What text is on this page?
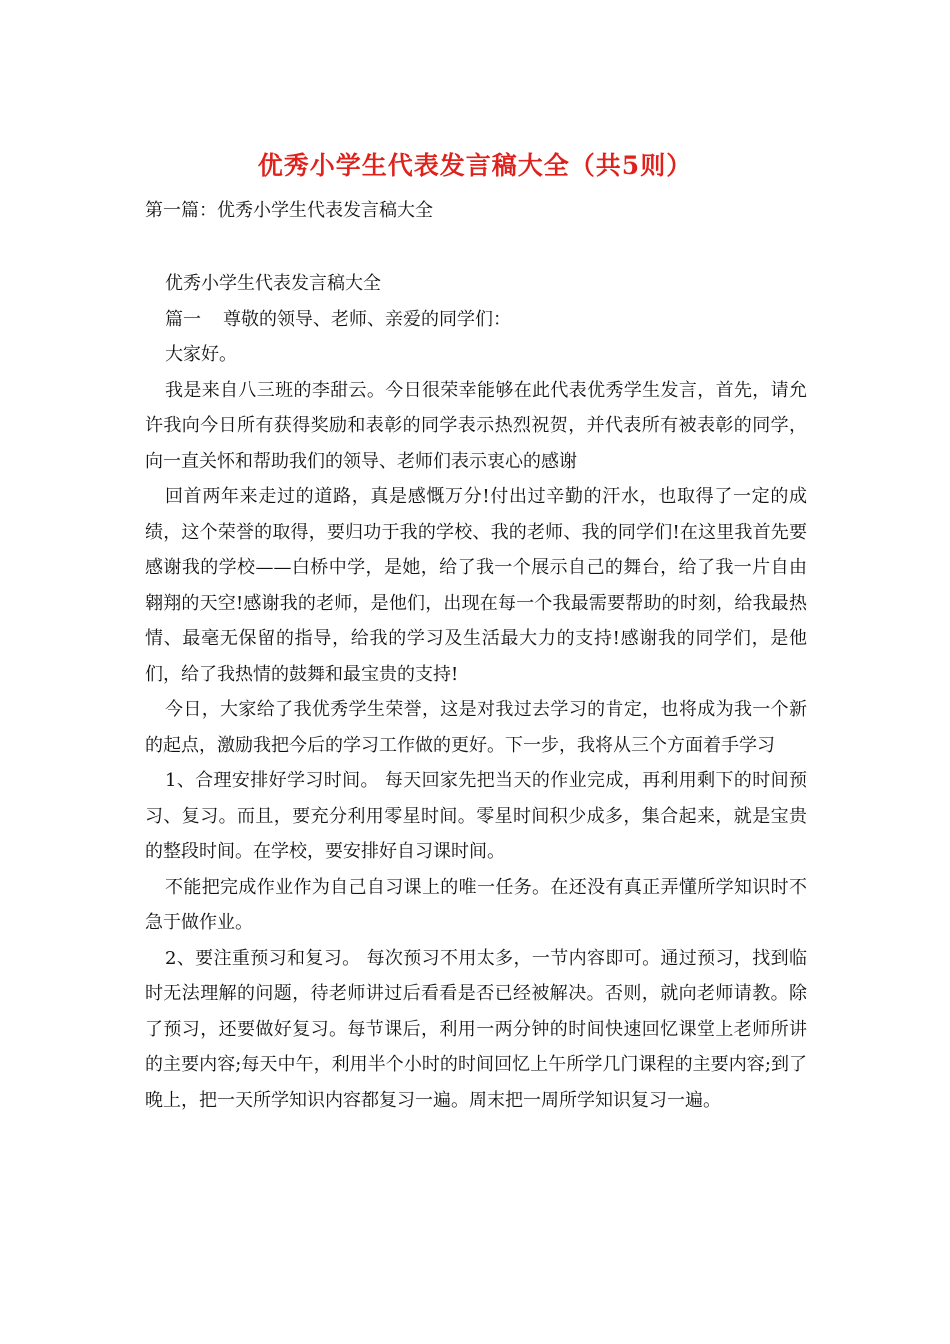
优秀小学生代表发言稿大全（共5则）

第一篇：优秀小学生代表发言稿大全

优秀小学生代表发言稿大全

篇一 尊敬的领导、老师、亲爱的同学们：

大家好。

我是来自八三班的李甜云。今日很荣幸能够在此代表优秀学生发言，首先，请允许我向今日所有获得奖励和表彰的同学表示热烈祝贺，并代表所有被表彰的同学，向一直关怀和帮助我们的领导、老师们表示衷心的感谢

回首两年来走过的道路，真是感慨万分!付出过辛勤的汗水，也取得了一定的成绩，这个荣誉的取得，要归功于我的学校、我的老师、我的同学们!在这里我首先要感谢我的学校——白桥中学，是她，给了我一个展示自己的舞台，给了我一片自由翱翔的天空!感谢我的老师，是他们，出现在每一个我最需要帮助的时刻，给我最热情、最毫无保留的指导，给我的学习及生活最大力的支持!感谢我的同学们，是他们，给了我热情的鼓舞和最宝贵的支持!

今日，大家给了我优秀学生荣誉，这是对我过去学习的肯定，也将成为我一个新的起点，激励我把今后的学习工作做的更好。下一步，我将从三个方面着手学习

1、合理安排好学习时间。 每天回家先把当天的作业完成，再利用剩下的时间预习、复习。而且，要充分利用零星时间。零星时间积少成多，集合起来，就是宝贵的整段时间。在学校，要安排好自习课时间。

不能把完成作业作为自己自习课上的唯一任务。在还没有真正弄懂所学知识时不急于做作业。

2、要注重预习和复习。 每次预习不用太多，一节内容即可。通过预习，找到临时无法理解的问题，待老师讲过后看看是否已经被解决。否则，就向老师请教。除了预习，还要做好复习。每节课后，利用一两分钟的时间快速回忆课堂上老师所讲的主要内容;每天中午，利用半个小时的时间回忆上午所学几门课程的主要内容;到了晚上，把一天所学知识内容都复习一遍。周末把一周所学知识复习一遍。
